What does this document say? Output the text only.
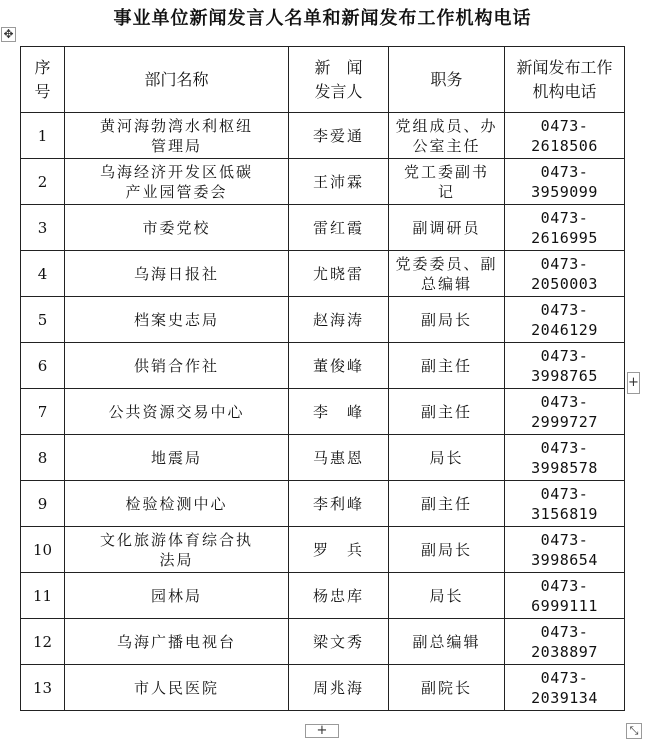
事业单位新闻发言人名单和新闻发布工作机构电话
✥
序号	部门名称	新　闻
发言人	职务	新闻发布工作
机构电话
1	黄河海勃湾水利枢纽
管理局	李爱通	党组成员、办
公室主任	0473-2618506
2	乌海经济开发区低碳
产业园管委会	王沛霖	党工委副书
记	0473-3959099
3	市委党校	雷红霞	副调研员	0473-2616995
4	乌海日报社	尤晓雷	党委委员、副
总编辑	0473-2050003
5	档案史志局	赵海涛	副局长	0473-2046129
6	供销合作社	董俊峰	副主任	0473-3998765
7	公共资源交易中心	李　峰	副主任	0473-2999727
8	地震局	马惠恩	局长	0473-3998578
9	检验检测中心	李利峰	副主任	0473-3156819
10	文化旅游体育综合执
法局	罗　兵	副局长	0473-3998654
11	园林局	杨忠库	局长	0473-6999111
12	乌海广播电视台	梁文秀	副总编辑	0473-2038897
13	市人民医院	周兆海	副院长	0473-2039134
+
+	⤡
